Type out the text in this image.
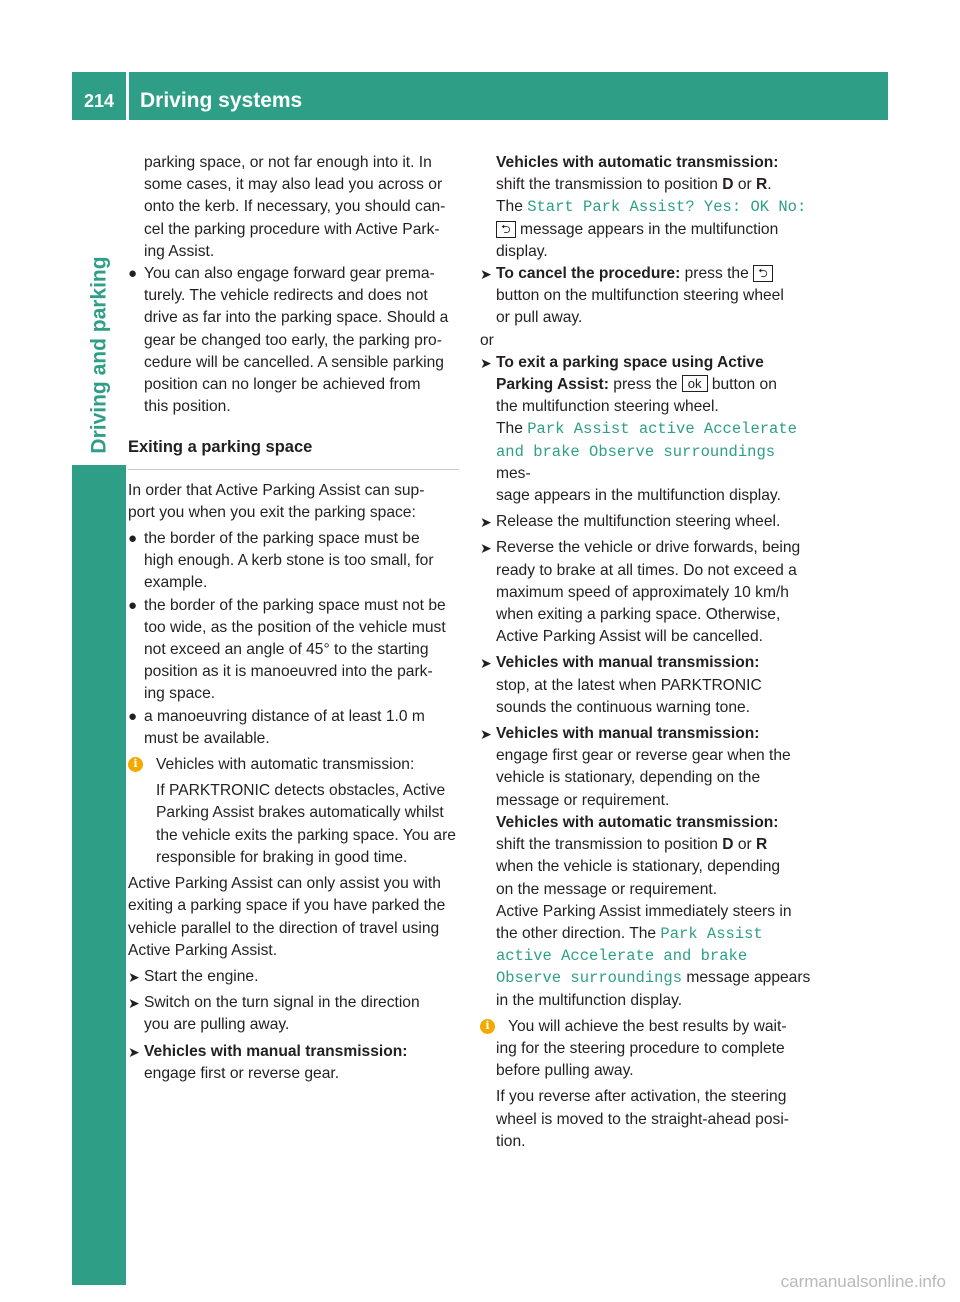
214	Driving systems
Driving and parking

parking space, or not far enough into it. In

some cases, it may also lead you across or

onto the kerb. If necessary, you should can-

cel the parking procedure with Active Park-

ing Assist.

● You can also engage forward gear prema-

turely. The vehicle redirects and does not

drive as far into the parking space. Should a

gear be changed too early, the parking pro-

cedure will be cancelled. A sensible parking

position can no longer be achieved from

this position.

Exiting a parking space

In order that Active Parking Assist can sup-

port you when you exit the parking space:

● the border of the parking space must be

high enough. A kerb stone is too small, for

example.

● the border of the parking space must not be

too wide, as the position of the vehicle must

not exceed an angle of 45° to the starting

position as it is manoeuvred into the park-

ing space.

● a manoeuvring distance of at least 1.0 m

must be available.

i	Vehicles with automatic transmission:

If PARKTRONIC detects obstacles, Active

Parking Assist brakes automatically whilst

the vehicle exits the parking space. You are

responsible for braking in good time.

Active Parking Assist can only assist you with

exiting a parking space if you have parked the

vehicle parallel to the direction of travel using

Active Parking Assist.

➤ Start the engine.

➤ Switch on the turn signal in the direction

you are pulling away.

➤ Vehicles with manual transmission:

engage first or reverse gear.

Vehicles with automatic transmission:

shift the transmission to position D or R.

The Start Park Assist? Yes: OK No:

⮌ message appears in the multifunction

display.

➤ To cancel the procedure: press the ⮌

button on the multifunction steering wheel

or pull away.

or

➤ To exit a parking space using Active

Parking Assist: press the ok button on

the multifunction steering wheel.

The Park Assist active Accelerate

and brake Observe surroundings mes-

sage appears in the multifunction display.

➤ Release the multifunction steering wheel.

➤ Reverse the vehicle or drive forwards, being

ready to brake at all times. Do not exceed a

maximum speed of approximately 10 km/h

when exiting a parking space. Otherwise,

Active Parking Assist will be cancelled.

➤ Vehicles with manual transmission:

stop, at the latest when PARKTRONIC

sounds the continuous warning tone.

➤ Vehicles with manual transmission:

engage first gear or reverse gear when the

vehicle is stationary, depending on the

message or requirement.

Vehicles with automatic transmission:

shift the transmission to position D or R

when the vehicle is stationary, depending

on the message or requirement.

Active Parking Assist immediately steers in

the other direction. The Park Assist

active Accelerate and brake

Observe surroundings message appears

in the multifunction display.

i	You will achieve the best results by wait-

ing for the steering procedure to complete

before pulling away.

If you reverse after activation, the steering

wheel is moved to the straight-ahead posi-

tion.

carmanualsonline.info
